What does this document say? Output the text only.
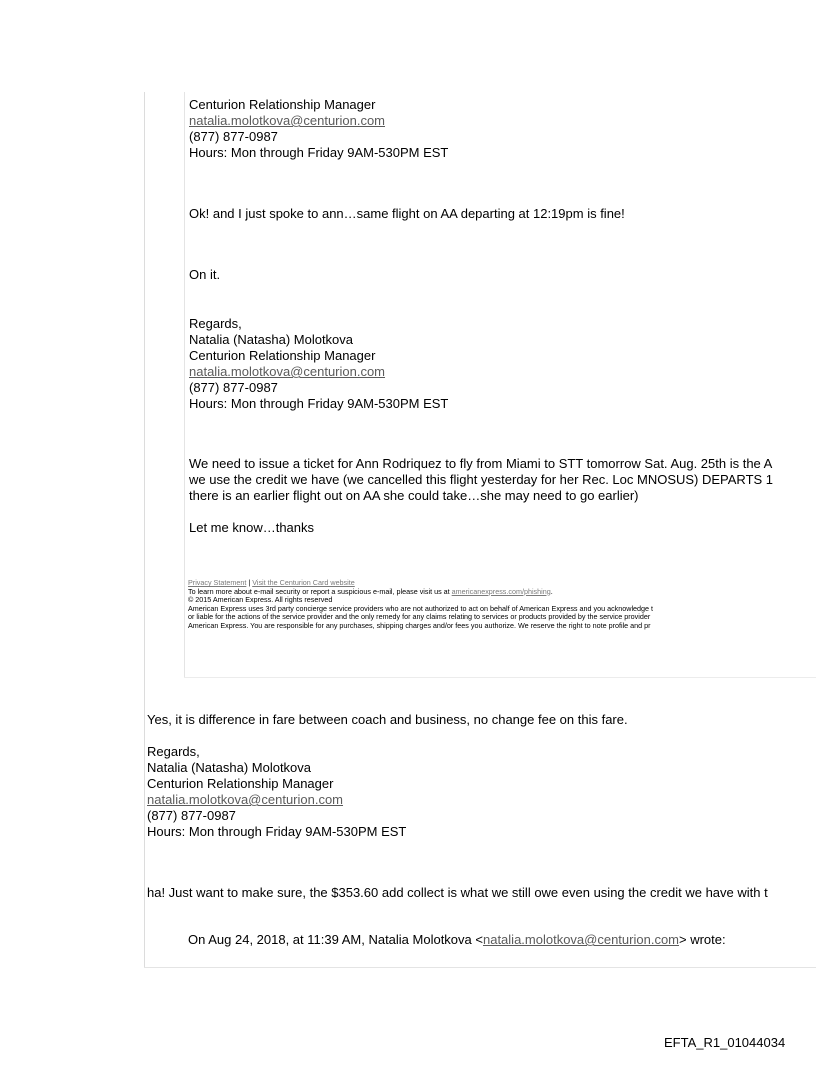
Centurion Relationship Manager
natalia.molotkova@centurion.com
(877) 877-0987
Hours: Mon through Friday 9AM-530PM EST
Ok! and I just spoke to ann…same flight on AA departing at 12:19pm is fine!
On it.
Regards,
Natalia (Natasha) Molotkova
Centurion Relationship Manager
natalia.molotkova@centurion.com
(877) 877-0987
Hours: Mon through Friday 9AM-530PM EST
We need to issue a ticket for Ann Rodriquez to fly from Miami to STT tomorrow Sat. Aug. 25th is the A
we use the credit we have (we cancelled this flight yesterday for her Rec. Loc MNOSUS) DEPARTS 1
there is an earlier flight out on AA she could take…she may need to go earlier)
Let me know…thanks
Privacy Statement | Visit the Centurion Card website
To learn more about e-mail security or report a suspicious e-mail, please visit us at americanexpress.com/phishing.
© 2015 American Express. All rights reserved
American Express uses 3rd party concierge service providers who are not authorized to act on behalf of American Express and you acknowledge t
or liable for the actions of the service provider and the only remedy for any claims relating to services or products provided by the service provider
American Express. You are responsible for any purchases, shipping charges and/or fees you authorize. We reserve the right to note profile and pr
Yes, it is difference in fare between coach and business, no change fee on this fare.
Regards,
Natalia (Natasha) Molotkova
Centurion Relationship Manager
natalia.molotkova@centurion.com
(877) 877-0987
Hours: Mon through Friday 9AM-530PM EST
ha! Just want to make sure, the $353.60 add collect is what we still owe even using the credit we have with t
On Aug 24, 2018, at 11:39 AM, Natalia Molotkova <natalia.molotkova@centurion.com> wrote:
EFTA_R1_01044034
